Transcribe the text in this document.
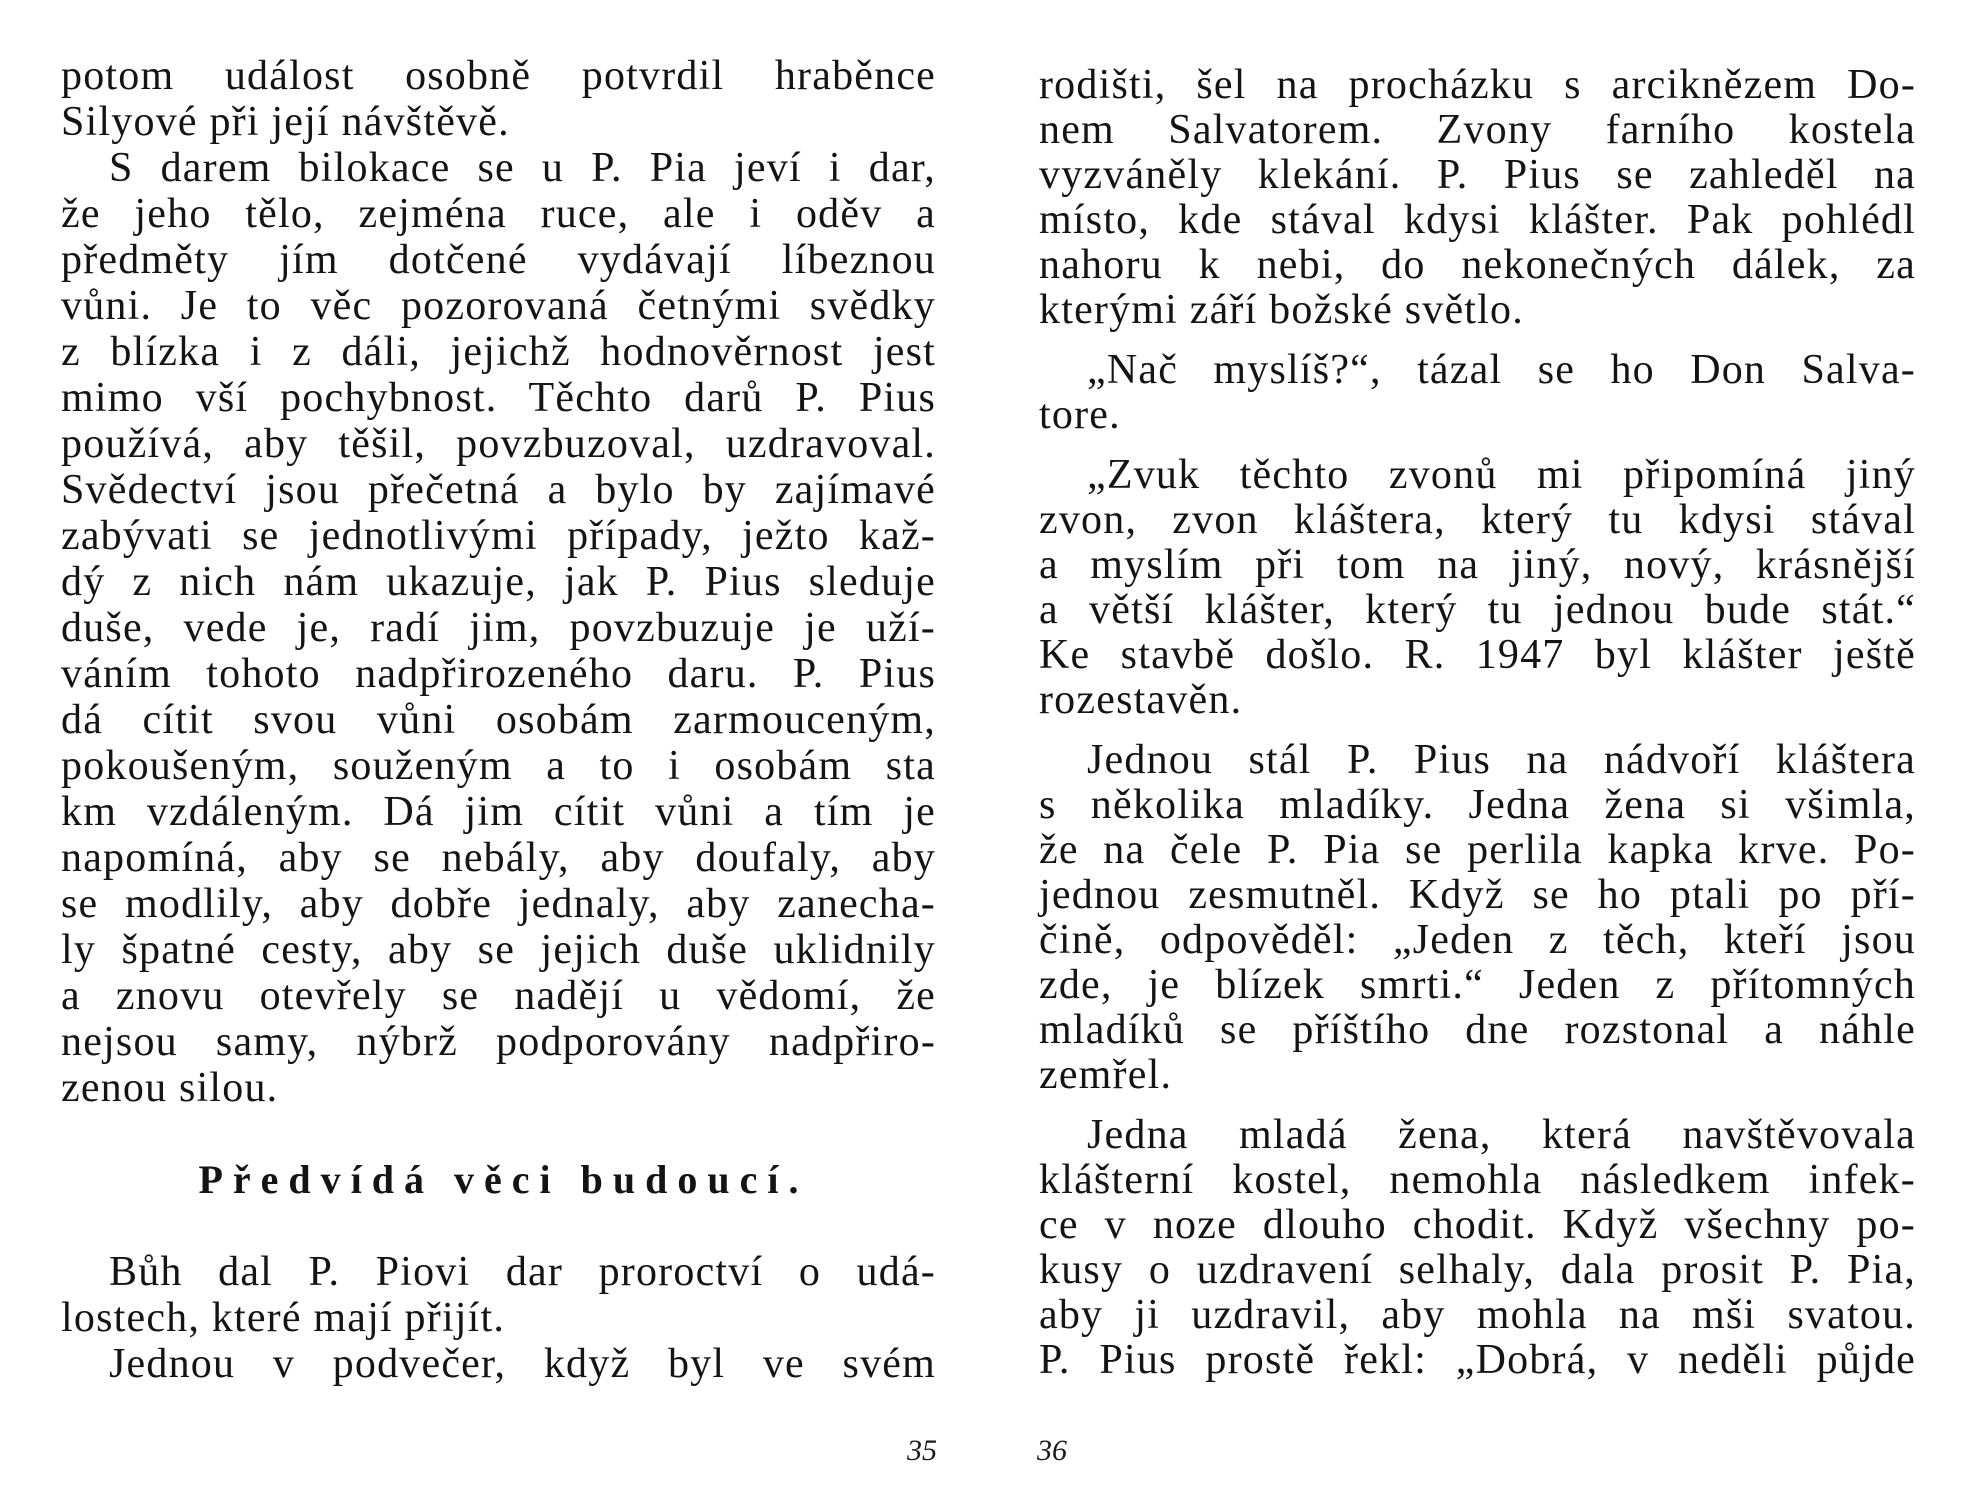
potom událost osobně potvrdil hraběnce

Silyové při její návštěvě.

S darem bilokace se u P. Pia jeví i dar,

že jeho tělo, zejména ruce, ale i oděv a

předměty jím dotčené vydávají líbeznou

vůni. Je to věc pozorovaná četnými svědky

z blízka i z dáli, jejichž hodnověrnost jest

mimo vší pochybnost. Těchto darů P. Pius

používá, aby těšil, povzbuzoval, uzdravoval.

Svědectví jsou přečetná a bylo by zajímavé

zabývati se jednotlivými případy, ježto kaž-

dý z nich nám ukazuje, jak P. Pius sleduje

duše, vede je, radí jim, povzbuzuje je uží-

váním tohoto nadpřirozeného daru. P. Pius

dá cítit svou vůni osobám zarmouceným,

pokoušeným, souženým a to i osobám sta

km vzdáleným. Dá jim cítit vůni a tím je

napomíná, aby se nebály, aby doufaly, aby

se modlily, aby dobře jednaly, aby zanecha-

ly špatné cesty, aby se jejich duše uklidnily

a znovu otevřely se nadějí u vědomí, že

nejsou samy, nýbrž podporovány nadpřiro-

zenou silou.

Předvídá věci budoucí.

Bůh dal P. Piovi dar proroctví o udá-

lostech, které mají přijít.

Jednou v podvečer, když byl ve svém

35

rodišti, šel na procházku s arciknězem Do-

nem Salvatorem. Zvony farního kostela

vyzváněly klekání. P. Pius se zahleděl na

místo, kde stával kdysi klášter. Pak pohlédl

nahoru k nebi, do nekonečných dálek, za

kterými září božské světlo.

„Nač myslíš?“, tázal se ho Don Salva-

tore.

„Zvuk těchto zvonů mi připomíná jiný

zvon, zvon kláštera, který tu kdysi stával

a myslím při tom na jiný, nový, krásnější

a větší klášter, který tu jednou bude stát.“

Ke stavbě došlo. R. 1947 byl klášter ještě

rozestavěn.

Jednou stál P. Pius na nádvoří kláštera

s několika mladíky. Jedna žena si všimla,

že na čele P. Pia se perlila kapka krve. Po-

jednou zesmutněl. Když se ho ptali po pří-

čině, odpověděl: „Jeden z těch, kteří jsou

zde, je blízek smrti.“ Jeden z přítomných

mladíků se příštího dne rozstonal a náhle

zemřel.

Jedna mladá žena, která navštěvovala

klášterní kostel, nemohla následkem infek-

ce v noze dlouho chodit. Když všechny po-

kusy o uzdravení selhaly, dala prosit P. Pia,

aby ji uzdravil, aby mohla na mši svatou.

P. Pius prostě řekl: „Dobrá, v neděli půjde

36
